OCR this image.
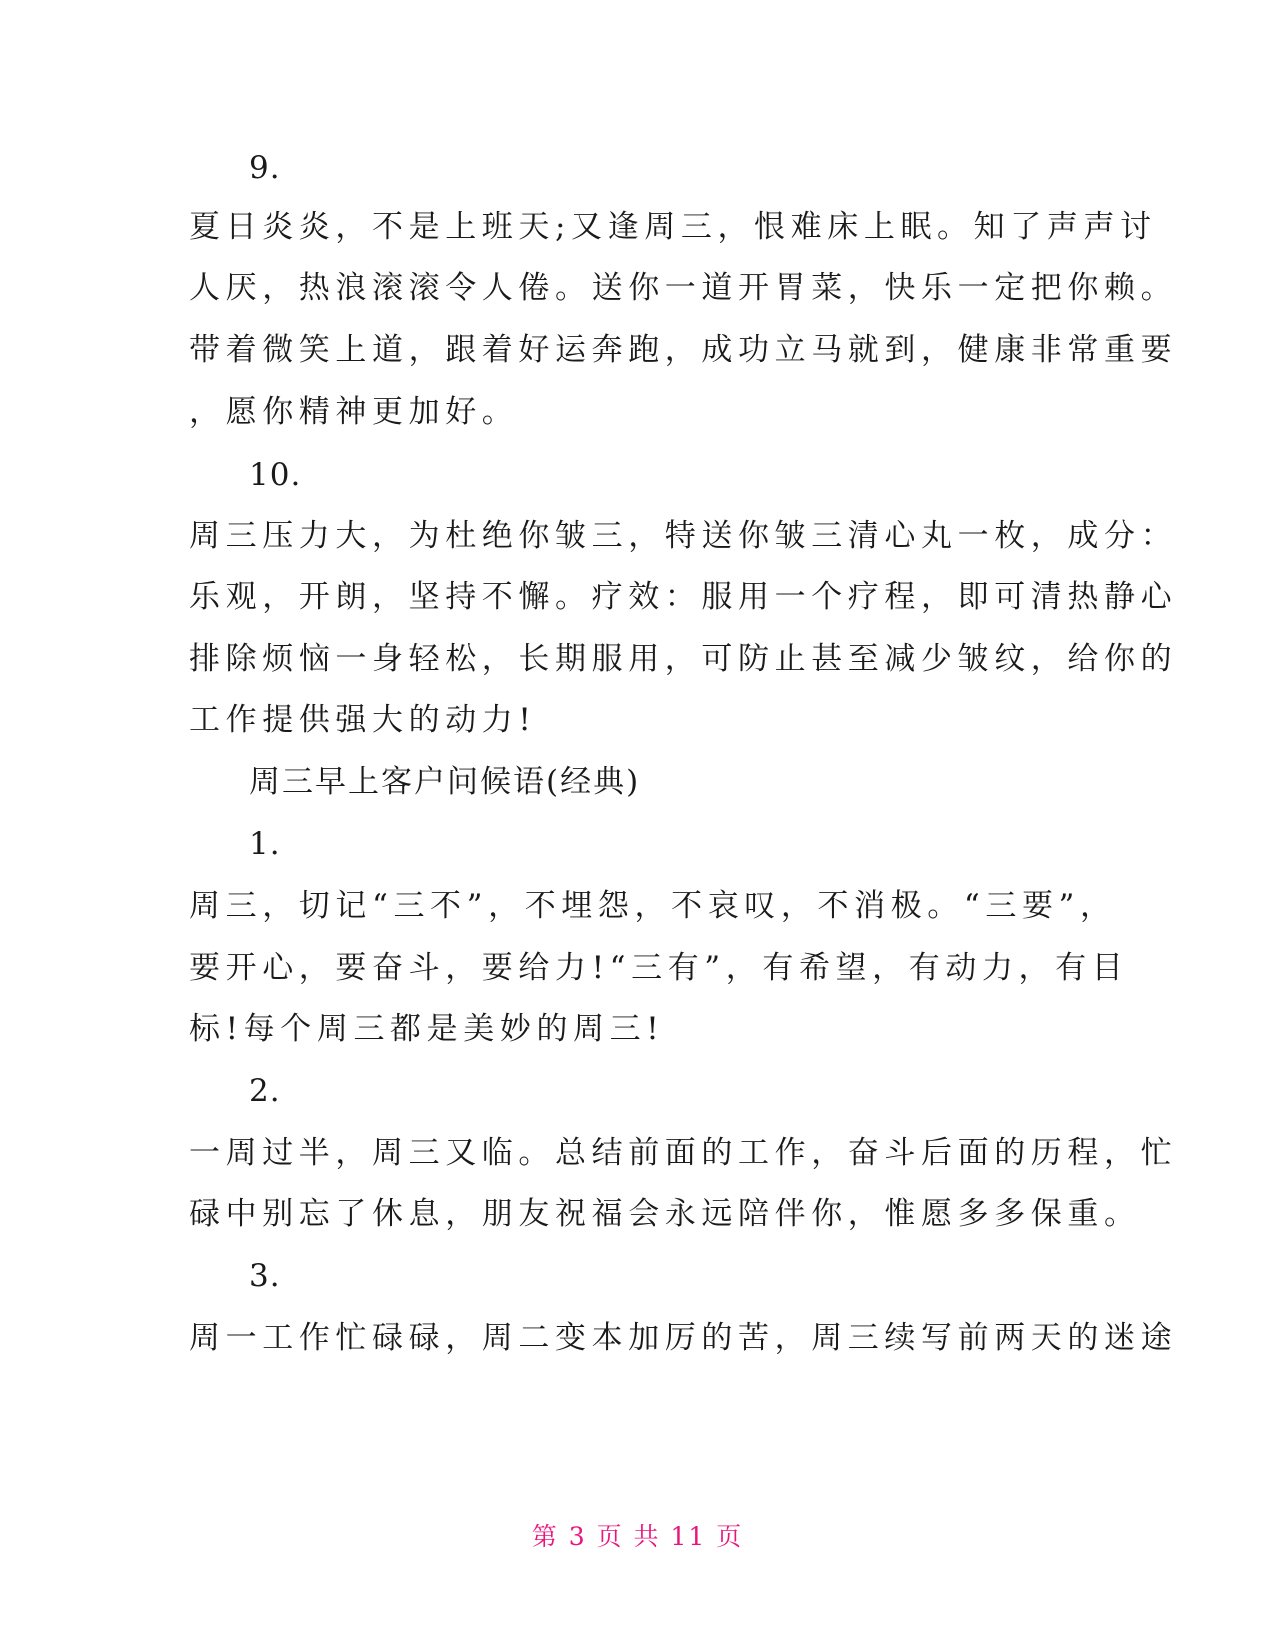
9.
夏日炎炎，不是上班天;又逢周三，恨难床上眠。知了声声讨
人厌，热浪滚滚令人倦。送你一道开胃菜，快乐一定把你赖。
带着微笑上道，跟着好运奔跑，成功立马就到，健康非常重要
，愿你精神更加好。
10.
周三压力大，为杜绝你皱三，特送你皱三清心丸一枚，成分：
乐观，开朗，坚持不懈。疗效：服用一个疗程，即可清热静心
排除烦恼一身轻松，长期服用，可防止甚至减少皱纹，给你的
工作提供强大的动力!
周三早上客户问候语(经典)
1.
周三，切记“三不”，不埋怨，不哀叹，不消极。“三要”，
要开心，要奋斗，要给力!“三有”，有希望，有动力，有目
标!每个周三都是美妙的周三!
2.
一周过半，周三又临。总结前面的工作，奋斗后面的历程，忙
碌中别忘了休息，朋友祝福会永远陪伴你，惟愿多多保重。
3.
周一工作忙碌碌，周二变本加厉的苦，周三续写前两天的迷途
第 3 页 共 11 页
